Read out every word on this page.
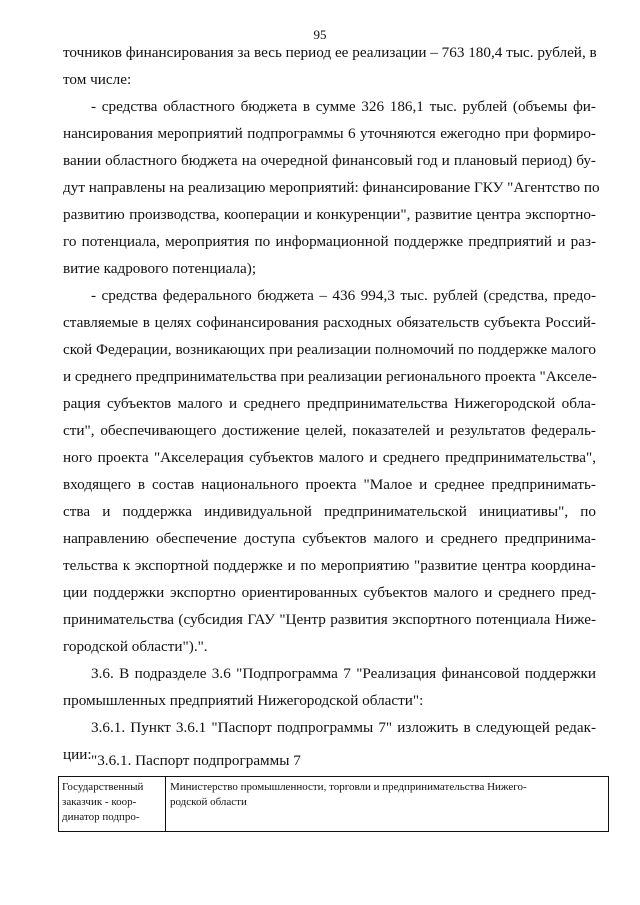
95
точников финансирования за весь период ее реализации – 763 180,4 тыс. рублей, в
том числе:
- средства областного бюджета в сумме 326 186,1 тыс. рублей (объемы фи-
нансирования мероприятий подпрограммы 6 уточняются ежегодно при формиро-
вании областного бюджета на очередной финансовый год и плановый период) бу-
дут направлены на реализацию мероприятий: финансирование ГКУ "Агентство по
развитию производства, кооперации и конкуренции", развитие центра экспортно-
го потенциала, мероприятия по информационной поддержке предприятий и раз-
витие кадрового потенциала);
- средства федерального бюджета – 436 994,3 тыс. рублей (средства, предо-
ставляемые в целях софинансирования расходных обязательств субъекта Россий-
ской Федерации, возникающих при реализации полномочий по поддержке малого
и среднего предпринимательства при реализации регионального проекта "Акселе-
рация субъектов малого и среднего предпринимательства Нижегородской обла-
сти", обеспечивающего достижение целей, показателей и результатов федераль-
ного проекта "Акселерация субъектов малого и среднего предпринимательства",
входящего в состав национального проекта "Малое и среднее предпринимать-
ства и поддержка индивидуальной предпринимательской инициативы", по
направлению обеспечение доступа субъектов малого и среднего предпринима-
тельства к экспортной поддержке и по мероприятию "развитие центра координа-
ции поддержки экспортно ориентированных субъектов малого и среднего пред-
принимательства (субсидия ГАУ "Центр развития экспортного потенциала Ниже-
городской области").".
3.6. В подразделе 3.6 "Подпрограмма 7 "Реализация финансовой поддержки
промышленных предприятий Нижегородской области":
3.6.1. Пункт 3.6.1 "Паспорт подпрограммы 7" изложить в следующей редак-
ции: "3.6.1. Паспорт подпрограммы 7
Государственный
заказчик - коор-
динатор подпро-
Министерство промышленности, торговли и предпринимательства Нижего-
родской области
